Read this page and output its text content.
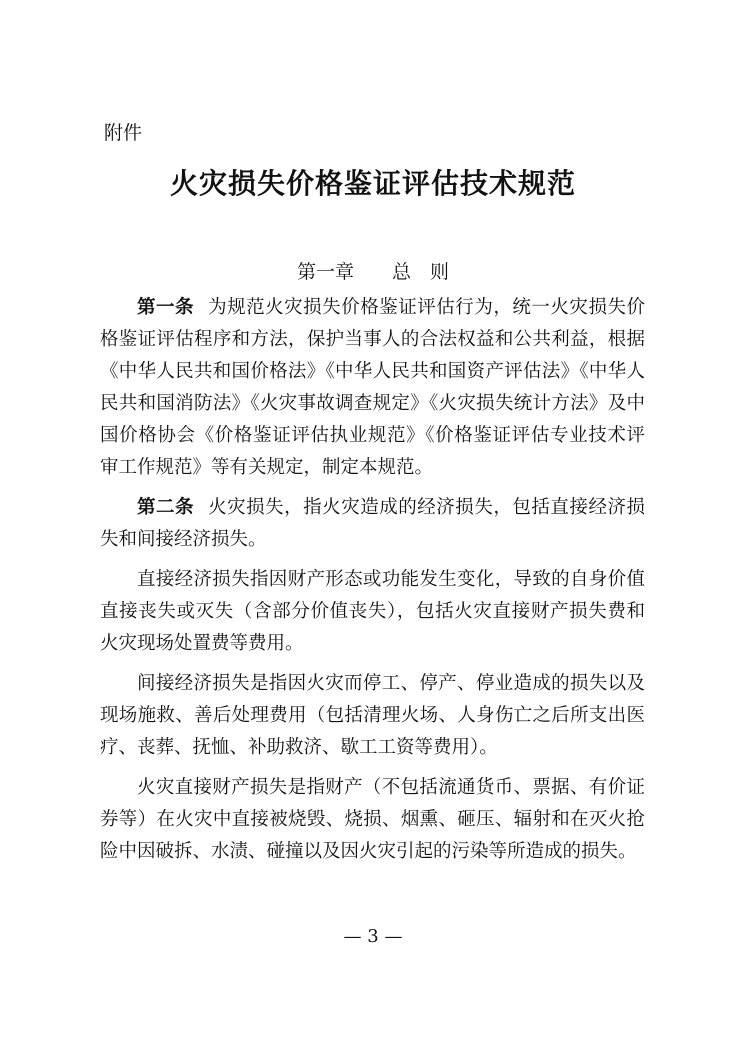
附件
火灾损失价格鉴证评估技术规范
第一章　　 总　则

第一条 为规范火灾损失价格鉴证评估行为，统一火灾损失价格鉴证评估程序和方法，保护当事人的合法权益和公共利益，根据《中华人民共和国价格法》《中华人民共和国资产评估法》《中华人民共和国消防法》《火灾事故调查规定》《火灾损失统计方法》及中国价格协会《价格鉴证评估执业规范》《价格鉴证评估专业技术评审工作规范》等有关规定，制定本规范。

第二条 火灾损失，指火灾造成的经济损失，包括直接经济损失和间接经济损失。

直接经济损失指因财产形态或功能发生变化，导致的自身价值直接丧失或灭失（含部分价值丧失），包括火灾直接财产损失费和火灾现场处置费等费用。

间接经济损失是指因火灾而停工、停产、停业造成的损失以及现场施救、善后处理费用（包括清理火场、人身伤亡之后所支出医疗、丧葬、抚恤、补助救济、歇工工资等费用）。

火灾直接财产损失是指财产（不包括流通货币、票据、有价证券等）在火灾中直接被烧毁、烧损、烟熏、砸压、辐射和在灭火抢险中因破拆、水渍、碰撞以及因火灾引起的污染等所造成的损失。

— 3 —
